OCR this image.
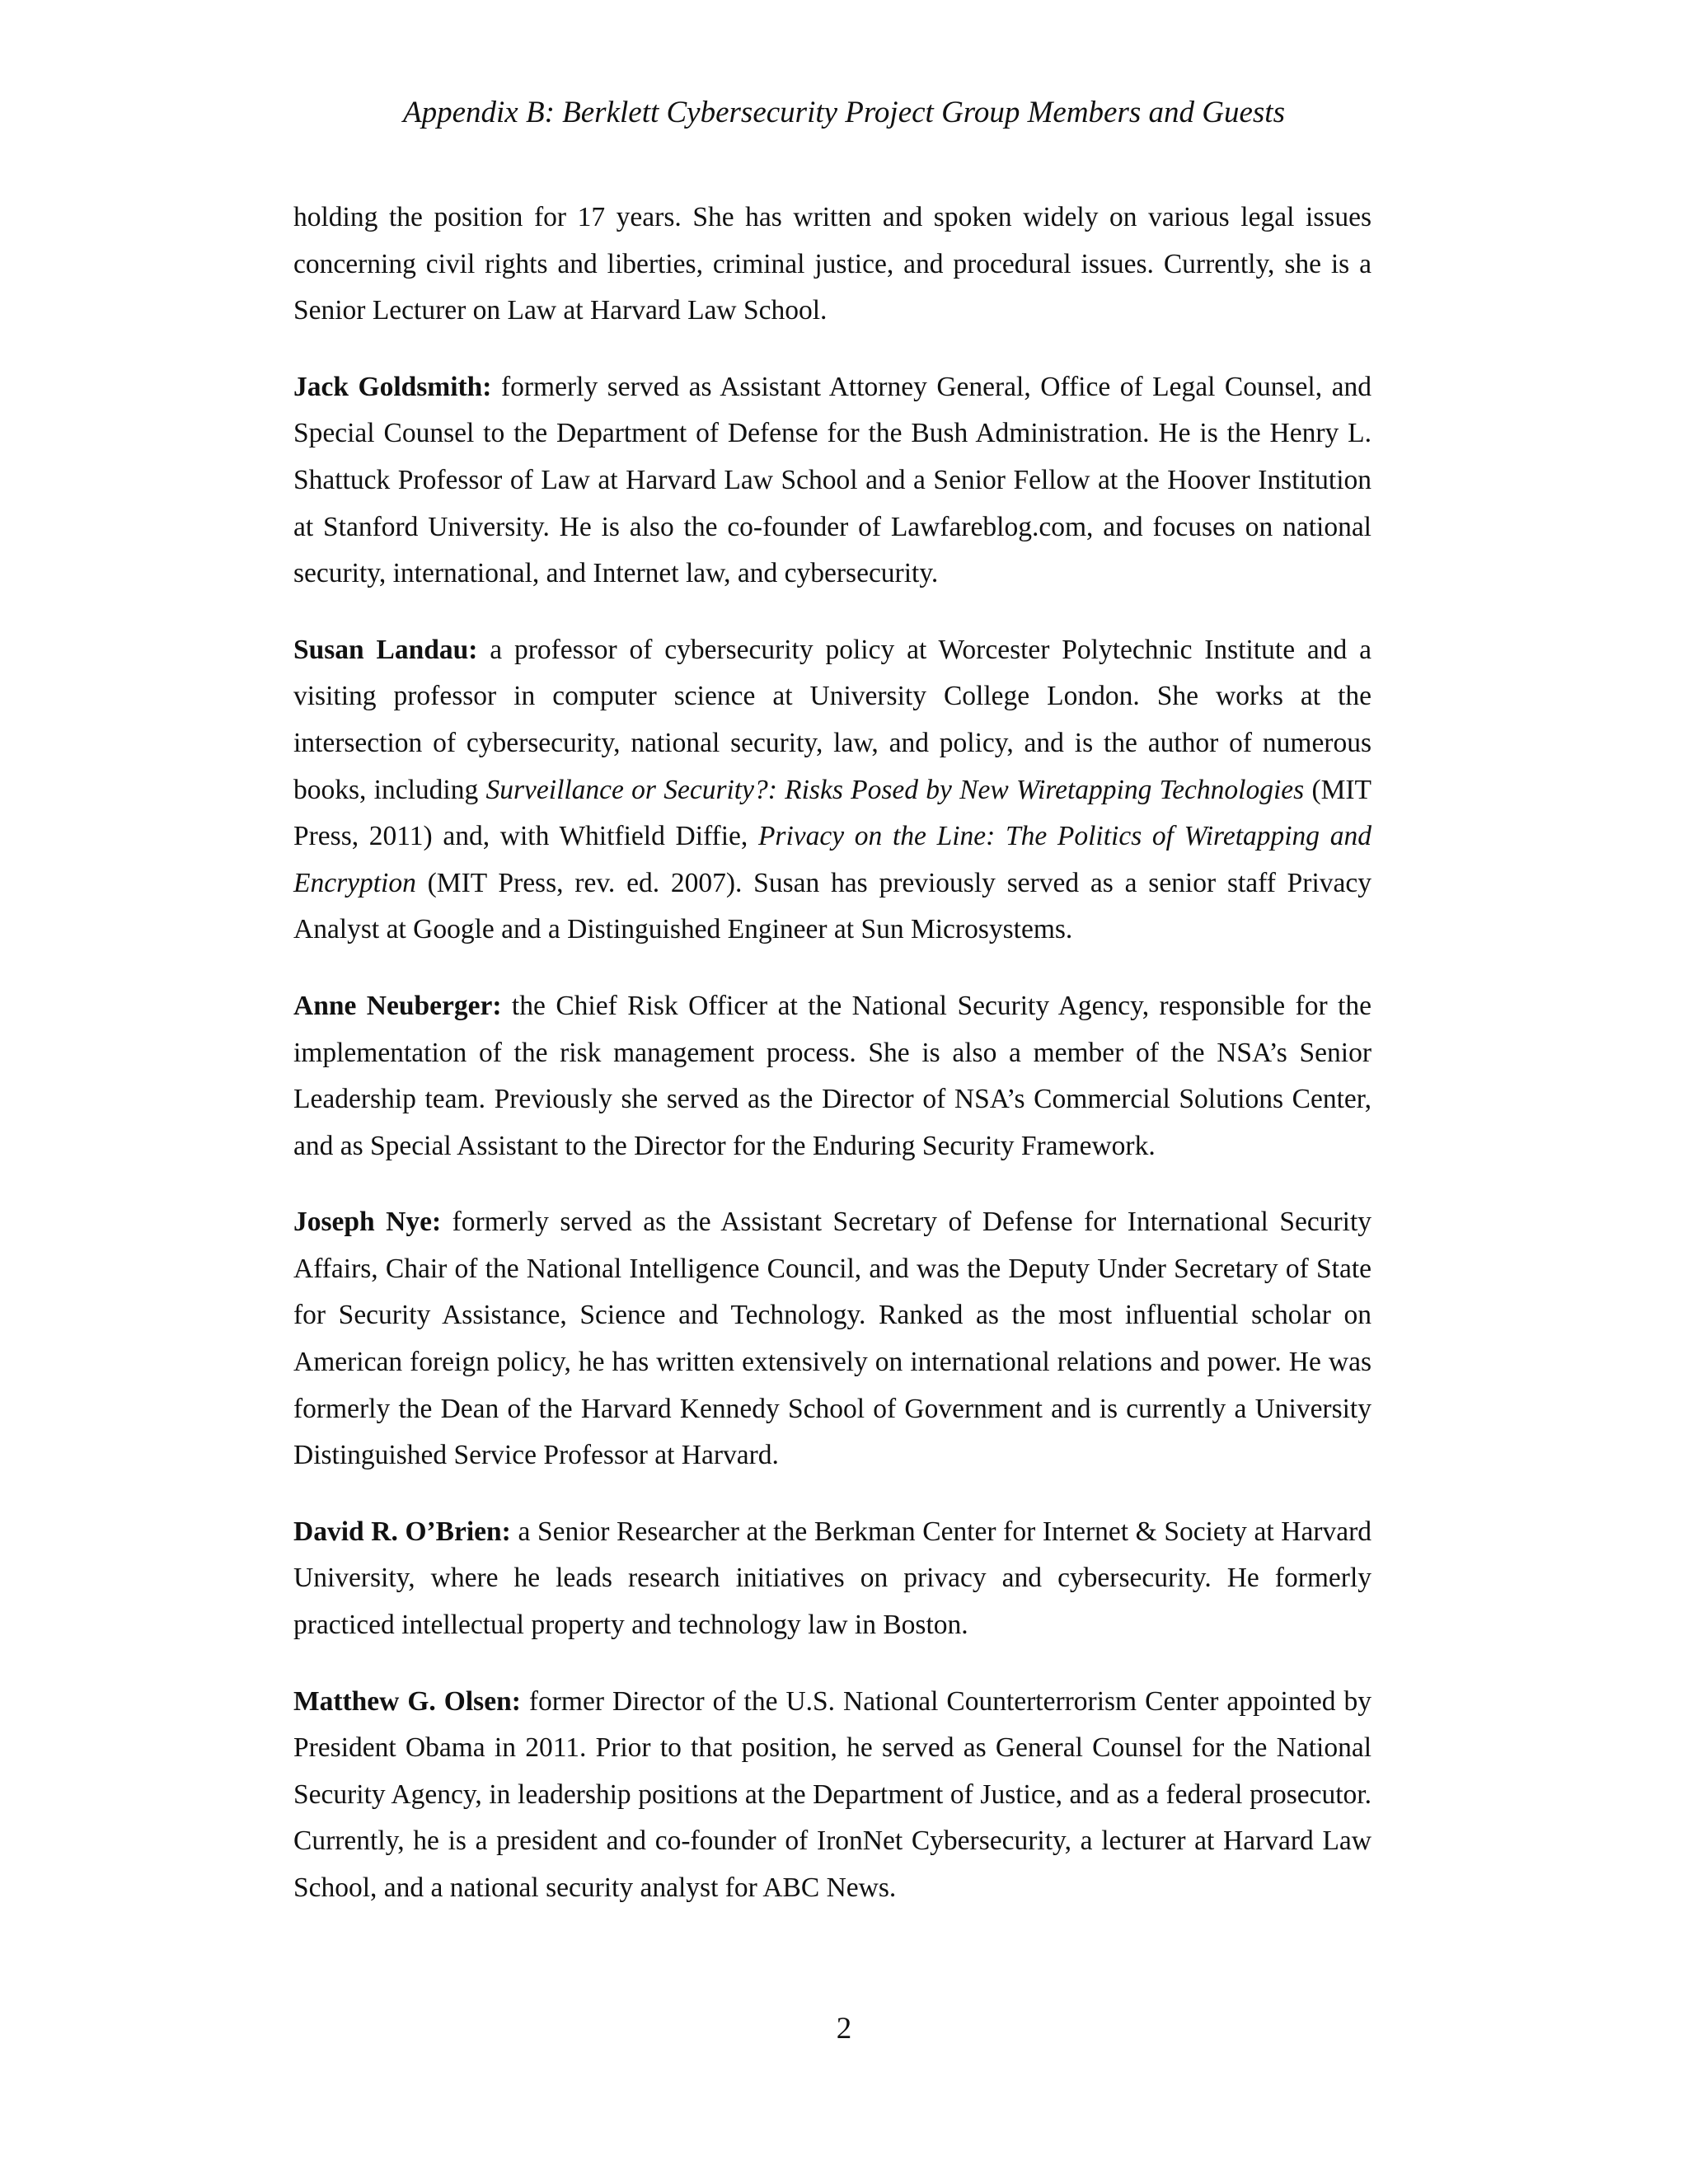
Appendix B: Berklett Cybersecurity Project Group Members and Guests

holding the position for 17 years. She has written and spoken widely on various legal issues concerning civil rights and liberties, criminal justice, and procedural issues. Currently, she is a Senior Lecturer on Law at Harvard Law School.

Jack Goldsmith: formerly served as Assistant Attorney General, Office of Legal Counsel, and Special Counsel to the Department of Defense for the Bush Administration. He is the Henry L. Shattuck Professor of Law at Harvard Law School and a Senior Fellow at the Hoover Institution at Stanford University. He is also the co-founder of Lawfareblog.com, and focuses on national security, international, and Internet law, and cybersecurity.

Susan Landau: a professor of cybersecurity policy at Worcester Polytechnic Institute and a visiting professor in computer science at University College London. She works at the intersection of cybersecurity, national security, law, and policy, and is the author of numerous books, including Surveillance or Security?: Risks Posed by New Wiretapping Technologies (MIT Press, 2011) and, with Whitfield Diffie, Privacy on the Line: The Politics of Wiretapping and Encryption (MIT Press, rev. ed. 2007). Susan has previously served as a senior staff Privacy Analyst at Google and a Distinguished Engineer at Sun Microsystems.

Anne Neuberger: the Chief Risk Officer at the National Security Agency, responsible for the implementation of the risk management process. She is also a member of the NSA’s Senior Leadership team. Previously she served as the Director of NSA’s Commercial Solutions Center, and as Special Assistant to the Director for the Enduring Security Framework.

Joseph Nye: formerly served as the Assistant Secretary of Defense for International Security Affairs, Chair of the National Intelligence Council, and was the Deputy Under Secretary of State for Security Assistance, Science and Technology. Ranked as the most influential scholar on American foreign policy, he has written extensively on international relations and power. He was formerly the Dean of the Harvard Kennedy School of Government and is currently a University Distinguished Service Professor at Harvard.

David R. O’Brien: a Senior Researcher at the Berkman Center for Internet & Society at Harvard University, where he leads research initiatives on privacy and cybersecurity. He formerly practiced intellectual property and technology law in Boston.

Matthew G. Olsen: former Director of the U.S. National Counterterrorism Center appointed by President Obama in 2011. Prior to that position, he served as General Counsel for the National Security Agency, in leadership positions at the Department of Justice, and as a federal prosecutor. Currently, he is a president and co-founder of IronNet Cybersecurity, a lecturer at Harvard Law School, and a national security analyst for ABC News.

2
